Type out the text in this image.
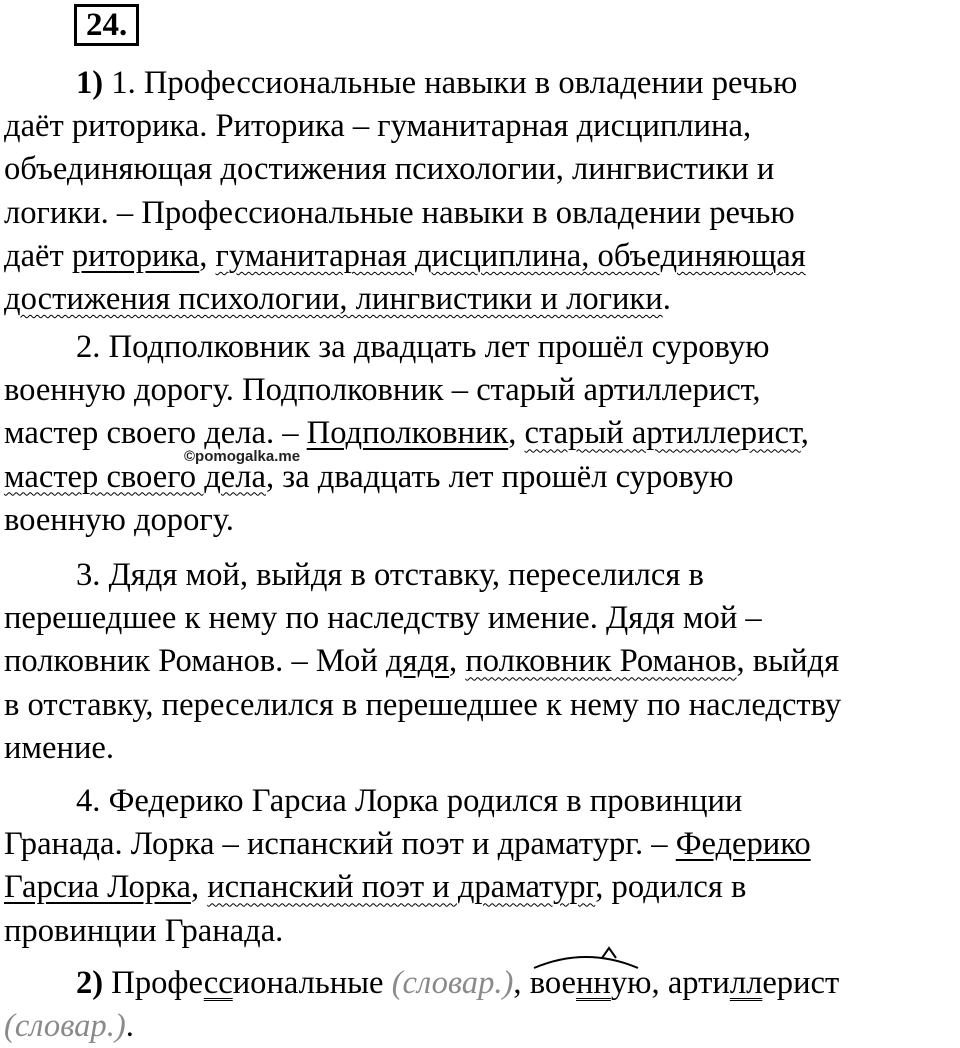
24.
©pomogalka.me

1) 1. Профессиональные навыки в овладении речью
даёт риторика. Риторика – гуманитарная дисциплина,
объединяющая достижения психологии, лингвистики и
логики. – Профессиональные навыки в овладении речью
даёт риторика, гуманитарная дисциплина, объединяющая
достижения психологии, лингвистики и логики.

2. Подполковник за двадцать лет прошёл суровую
военную дорогу. Подполковник – старый артиллерист,
мастер своего дела. – Подполковник, старый артиллерист,
мастер своего дела, за двадцать лет прошёл суровую
военную дорогу.

3. Дядя мой, выйдя в отставку, переселился в
перешедшее к нему по наследству имение. Дядя мой –
полковник Романов. – Мой дядя, полковник Романов, выйдя
в отставку, переселился в перешедшее к нему по наследству
имение.

4. Федерико Гарсиа Лорка родился в провинции
Гранада. Лорка – испанский поэт и драматург. – Федерико
Гарсиа Лорка, испанский поэт и драматург, родился в
провинции Гранада.

2) Профессиональные (словар.),
военную, артиллерист
(словар.).
